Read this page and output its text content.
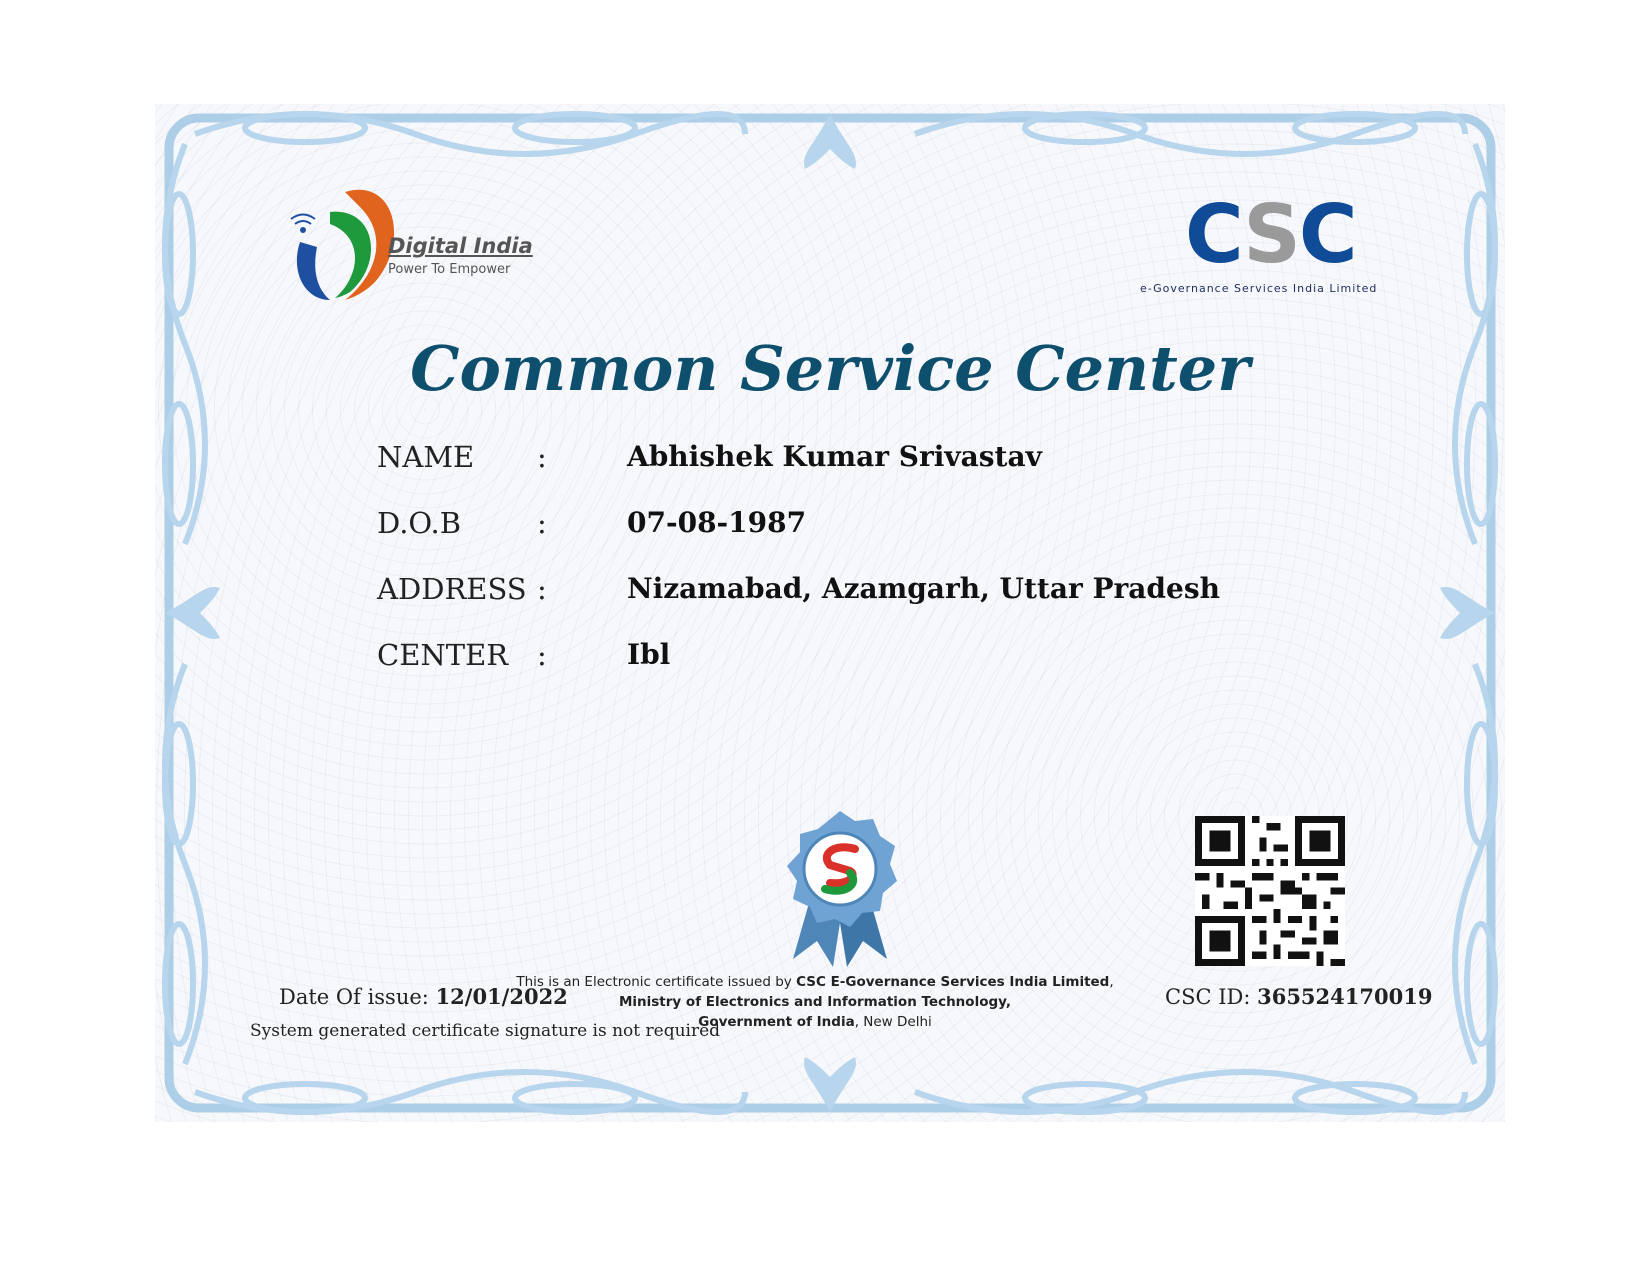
Digital India
Power To Empower	CSC
e-Governance Services India Limited
Common Service Center
NAME :	Abhishek Kumar Srivastav
D.O.B	:	07-08-1987
ADDRESS :	Nizamabad, Azamgarh, Uttar Pradesh
CENTER :	Ibl
Date Of issue: 12/01/2022
System generated certificate signature is not required
This is an Electronic certificate issued by CSC E-Governance Services India Limited,
Ministry of Electronics and Information Technology,
Government of India, New Delhi
CSC ID: 365524170019
